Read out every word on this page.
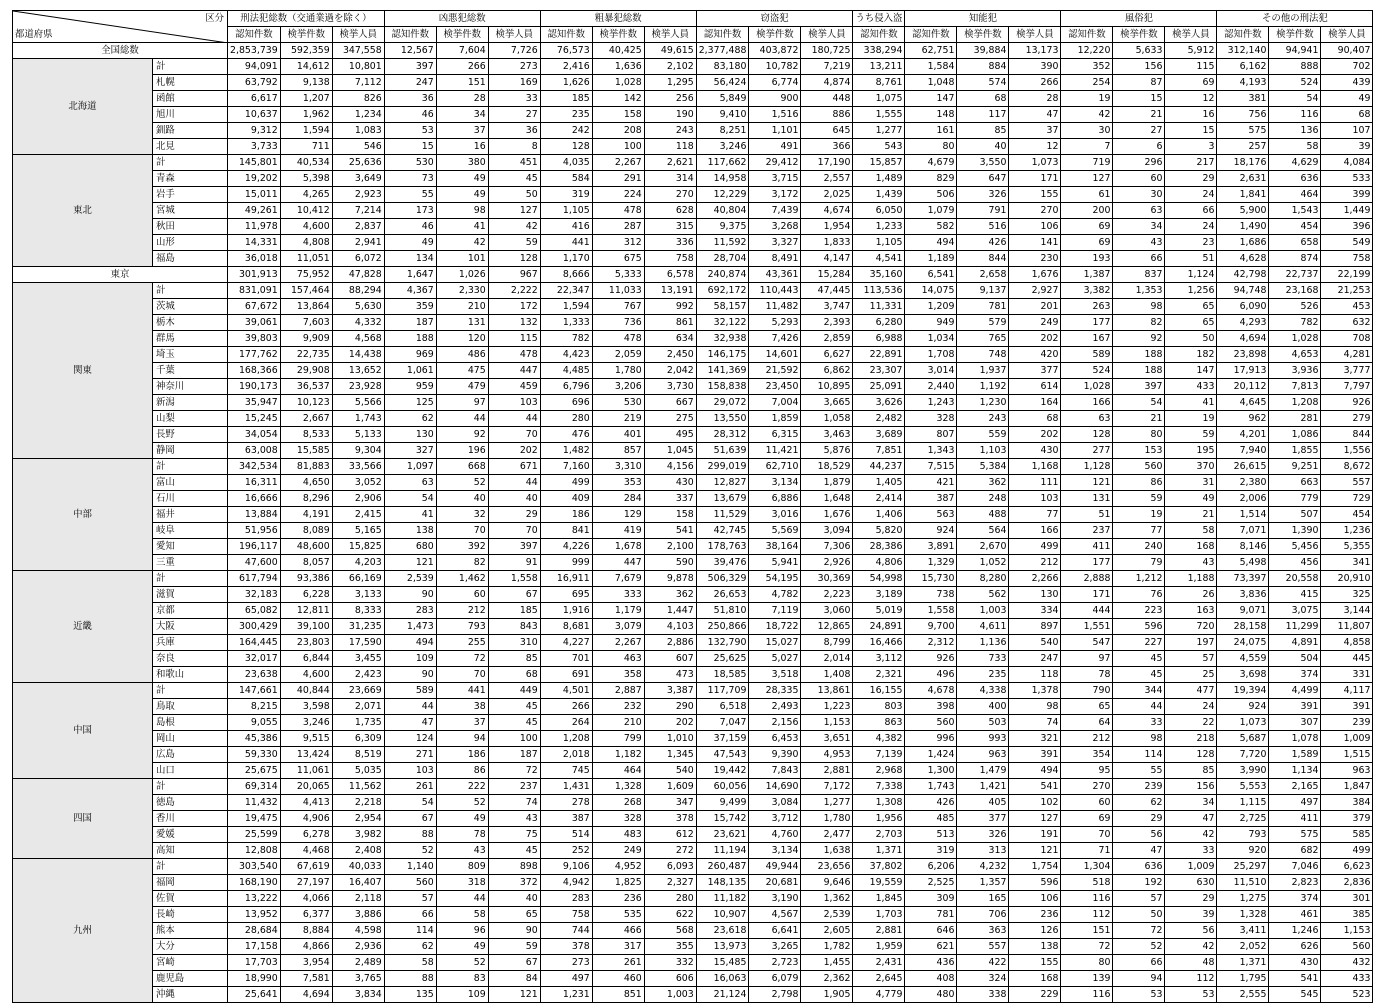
区分
都道府県		刑法犯総数（交通業過を除く）			凶悪犯総数			粗暴犯総数			窃盗犯			うち侵入盗	知能犯			風俗犯			その他の刑法犯		
		認知件数	検挙件数	検挙人員	認知件数	検挙件数	検挙人員	認知件数	検挙件数	検挙人員	認知件数	検挙件数	検挙人員	認知件数	認知件数	検挙件数	検挙人員	認知件数	検挙件数	検挙人員	認知件数	検挙件数	検挙人員
全国総数		2,853,739	592,359	347,558	12,567	7,604	7,726	76,573	40,425	49,615	2,377,488	403,872	180,725	338,294	62,751	39,884	13,173	12,220	5,633	5,912	312,140	94,941	90,407
北海道	計	94,091	14,612	10,801	397	266	273	2,416	1,636	2,102	83,180	10,782	7,219	13,211	1,584	884	390	352	156	115	6,162	888	702
	札幌	63,792	9,138	7,112	247	151	169	1,626	1,028	1,295	56,424	6,774	4,874	8,761	1,048	574	266	254	87	69	4,193	524	439
	函館	6,617	1,207	826	36	28	33	185	142	256	5,849	900	448	1,075	147	68	28	19	15	12	381	54	49
	旭川	10,637	1,962	1,234	46	34	27	235	158	190	9,410	1,516	886	1,555	148	117	47	42	21	16	756	116	68
	釧路	9,312	1,594	1,083	53	37	36	242	208	243	8,251	1,101	645	1,277	161	85	37	30	27	15	575	136	107
	北見	3,733	711	546	15	16	8	128	100	118	3,246	491	366	543	80	40	12	7	6	3	257	58	39
東北	計	145,801	40,534	25,636	530	380	451	4,035	2,267	2,621	117,662	29,412	17,190	15,857	4,679	3,550	1,073	719	296	217	18,176	4,629	4,084
	青森	19,202	5,398	3,649	73	49	45	584	291	314	14,958	3,715	2,557	1,489	829	647	171	127	60	29	2,631	636	533
	岩手	15,011	4,265	2,923	55	49	50	319	224	270	12,229	3,172	2,025	1,439	506	326	155	61	30	24	1,841	464	399
	宮城	49,261	10,412	7,214	173	98	127	1,105	478	628	40,804	7,439	4,674	6,050	1,079	791	270	200	63	66	5,900	1,543	1,449
	秋田	11,978	4,600	2,837	46	41	42	416	287	315	9,375	3,268	1,954	1,233	582	516	106	69	34	24	1,490	454	396
	山形	14,331	4,808	2,941	49	42	59	441	312	336	11,592	3,327	1,833	1,105	494	426	141	69	43	23	1,686	658	549
	福島	36,018	11,051	6,072	134	101	128	1,170	675	758	28,704	8,491	4,147	4,541	1,189	844	230	193	66	51	4,628	874	758
東京		301,913	75,952	47,828	1,647	1,026	967	8,666	5,333	6,578	240,874	43,361	15,284	35,160	6,541	2,658	1,676	1,387	837	1,124	42,798	22,737	22,199
関東	計	831,091	157,464	88,294	4,367	2,330	2,222	22,347	11,033	13,191	692,172	110,443	47,445	113,536	14,075	9,137	2,927	3,382	1,353	1,256	94,748	23,168	21,253
	茨城	67,672	13,864	5,630	359	210	172	1,594	767	992	58,157	11,482	3,747	11,331	1,209	781	201	263	98	65	6,090	526	453
	栃木	39,061	7,603	4,332	187	131	132	1,333	736	861	32,122	5,293	2,393	6,280	949	579	249	177	82	65	4,293	782	632
	群馬	39,803	9,909	4,568	188	120	115	782	478	634	32,938	7,426	2,859	6,988	1,034	765	202	167	92	50	4,694	1,028	708
	埼玉	177,762	22,735	14,438	969	486	478	4,423	2,059	2,450	146,175	14,601	6,627	22,891	1,708	748	420	589	188	182	23,898	4,653	4,281
	千葉	168,366	29,908	13,652	1,061	475	447	4,485	1,780	2,042	141,369	21,592	6,862	23,307	3,014	1,937	377	524	188	147	17,913	3,936	3,777
	神奈川	190,173	36,537	23,928	959	479	459	6,796	3,206	3,730	158,838	23,450	10,895	25,091	2,440	1,192	614	1,028	397	433	20,112	7,813	7,797
	新潟	35,947	10,123	5,566	125	97	103	696	530	667	29,072	7,004	3,665	3,626	1,243	1,230	164	166	54	41	4,645	1,208	926
	山梨	15,245	2,667	1,743	62	44	44	280	219	275	13,550	1,859	1,058	2,482	328	243	68	63	21	19	962	281	279
	長野	34,054	8,533	5,133	130	92	70	476	401	495	28,312	6,315	3,463	3,689	807	559	202	128	80	59	4,201	1,086	844
	静岡	63,008	15,585	9,304	327	196	202	1,482	857	1,045	51,639	11,421	5,876	7,851	1,343	1,103	430	277	153	195	7,940	1,855	1,556
中部	計	342,534	81,883	33,566	1,097	668	671	7,160	3,310	4,156	299,019	62,710	18,529	44,237	7,515	5,384	1,168	1,128	560	370	26,615	9,251	8,672
	富山	16,311	4,650	3,052	63	52	44	499	353	430	12,827	3,134	1,879	1,405	421	362	111	121	86	31	2,380	663	557
	石川	16,666	8,296	2,906	54	40	40	409	284	337	13,679	6,886	1,648	2,414	387	248	103	131	59	49	2,006	779	729
	福井	13,884	4,191	2,415	41	32	29	186	129	158	11,529	3,016	1,676	1,406	563	488	77	51	19	21	1,514	507	454
	岐阜	51,956	8,089	5,165	138	70	70	841	419	541	42,745	5,569	3,094	5,820	924	564	166	237	77	58	7,071	1,390	1,236
	愛知	196,117	48,600	15,825	680	392	397	4,226	1,678	2,100	178,763	38,164	7,306	28,386	3,891	2,670	499	411	240	168	8,146	5,456	5,355
	三重	47,600	8,057	4,203	121	82	91	999	447	590	39,476	5,941	2,926	4,806	1,329	1,052	212	177	79	43	5,498	456	341
近畿	計	617,794	93,386	66,169	2,539	1,462	1,558	16,911	7,679	9,878	506,329	54,195	30,369	54,998	15,730	8,280	2,266	2,888	1,212	1,188	73,397	20,558	20,910
	滋賀	32,183	6,228	3,133	90	60	67	695	333	362	26,653	4,782	2,223	3,189	738	562	130	171	76	26	3,836	415	325
	京都	65,082	12,811	8,333	283	212	185	1,916	1,179	1,447	51,810	7,119	3,060	5,019	1,558	1,003	334	444	223	163	9,071	3,075	3,144
	大阪	300,429	39,100	31,235	1,473	793	843	8,681	3,079	4,103	250,866	18,722	12,865	24,891	9,700	4,611	897	1,551	596	720	28,158	11,299	11,807
	兵庫	164,445	23,803	17,590	494	255	310	4,227	2,267	2,886	132,790	15,027	8,799	16,466	2,312	1,136	540	547	227	197	24,075	4,891	4,858
	奈良	32,017	6,844	3,455	109	72	85	701	463	607	25,625	5,027	2,014	3,112	926	733	247	97	45	57	4,559	504	445
	和歌山	23,638	4,600	2,423	90	70	68	691	358	473	18,585	3,518	1,408	2,321	496	235	118	78	45	25	3,698	374	331
中国	計	147,661	40,844	23,669	589	441	449	4,501	2,887	3,387	117,709	28,335	13,861	16,155	4,678	4,338	1,378	790	344	477	19,394	4,499	4,117
	鳥取	8,215	3,598	2,071	44	38	45	266	232	290	6,518	2,493	1,223	803	398	400	98	65	44	24	924	391	391
	島根	9,055	3,246	1,735	47	37	45	264	210	202	7,047	2,156	1,153	863	560	503	74	64	33	22	1,073	307	239
	岡山	45,386	9,515	6,309	124	94	100	1,208	799	1,010	37,159	6,453	3,651	4,382	996	993	321	212	98	218	5,687	1,078	1,009
	広島	59,330	13,424	8,519	271	186	187	2,018	1,182	1,345	47,543	9,390	4,953	7,139	1,424	963	391	354	114	128	7,720	1,589	1,515
	山口	25,675	11,061	5,035	103	86	72	745	464	540	19,442	7,843	2,881	2,968	1,300	1,479	494	95	55	85	3,990	1,134	963
四国	計	69,314	20,065	11,562	261	222	237	1,431	1,328	1,609	60,056	14,690	7,172	7,338	1,743	1,421	541	270	239	156	5,553	2,165	1,847
	徳島	11,432	4,413	2,218	54	52	74	278	268	347	9,499	3,084	1,277	1,308	426	405	102	60	62	34	1,115	497	384
	香川	19,475	4,906	2,954	67	49	43	387	328	378	15,742	3,712	1,780	1,956	485	377	127	69	29	47	2,725	411	379
	愛媛	25,599	6,278	3,982	88	78	75	514	483	612	23,621	4,760	2,477	2,703	513	326	191	70	56	42	793	575	585
	高知	12,808	4,468	2,408	52	43	45	252	249	272	11,194	3,134	1,638	1,371	319	313	121	71	47	33	920	682	499
九州	計	303,540	67,619	40,033	1,140	809	898	9,106	4,952	6,093	260,487	49,944	23,656	37,802	6,206	4,232	1,754	1,304	636	1,009	25,297	7,046	6,623
	福岡	168,190	27,197	16,407	560	318	372	4,942	1,825	2,327	148,135	20,681	9,646	19,559	2,525	1,357	596	518	192	630	11,510	2,823	2,836
	佐賀	13,222	4,066	2,118	57	44	40	283	236	280	11,182	3,190	1,362	1,845	309	165	106	116	57	29	1,275	374	301
	長崎	13,952	6,377	3,886	66	58	65	758	535	622	10,907	4,567	2,539	1,703	781	706	236	112	50	39	1,328	461	385
	熊本	28,684	8,884	4,598	114	96	90	744	466	568	23,618	6,641	2,605	2,881	646	363	126	151	72	56	3,411	1,246	1,153
	大分	17,158	4,866	2,936	62	49	59	378	317	355	13,973	3,265	1,782	1,959	621	557	138	72	52	42	2,052	626	560
	宮崎	17,703	3,954	2,489	58	52	67	273	261	332	15,485	2,723	1,455	2,431	436	422	155	80	66	48	1,371	430	432
	鹿児島	18,990	7,581	3,765	88	83	84	497	460	606	16,063	6,079	2,362	2,645	408	324	168	139	94	112	1,795	541	433
	沖縄	25,641	4,694	3,834	135	109	121	1,231	851	1,003	21,124	2,798	1,905	4,779	480	338	229	116	53	53	2,555	545	523
